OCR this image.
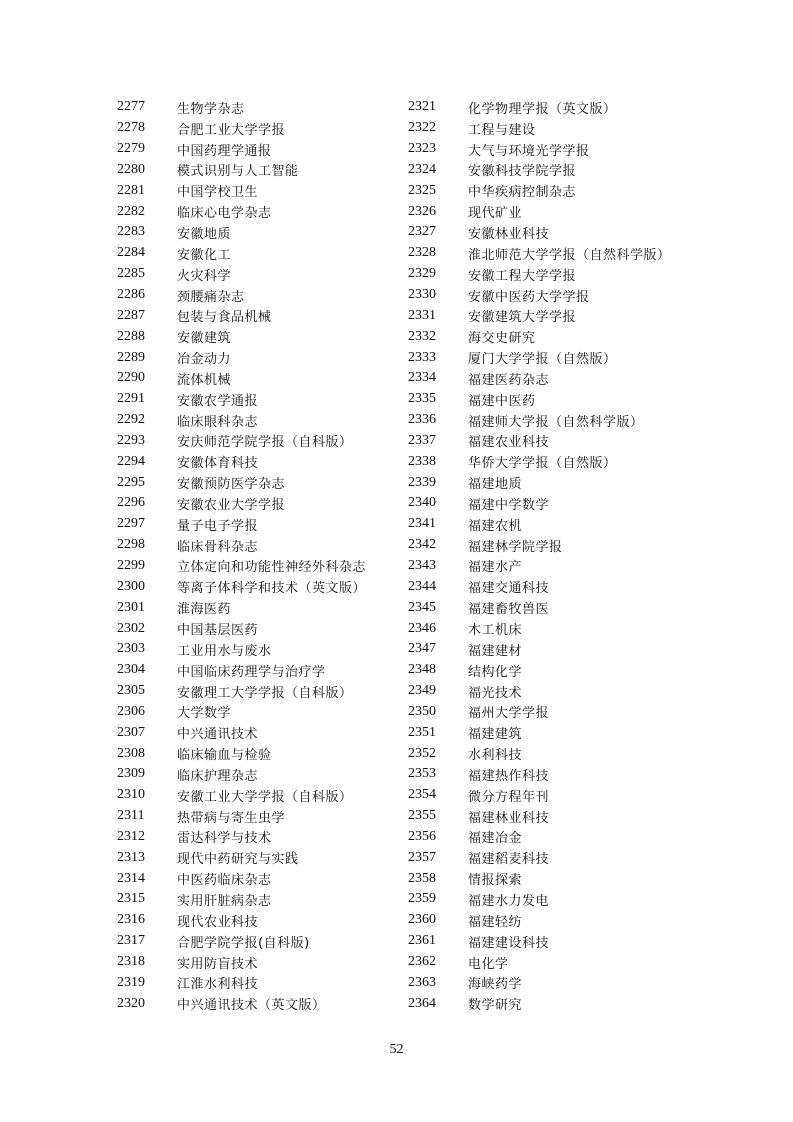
2277	生物学杂志
2278	合肥工业大学学报
2279	中国药理学通报
2280	模式识别与人工智能
2281	中国学校卫生
2282	临床心电学杂志
2283	安徽地质
2284	安徽化工
2285	火灾科学
2286	颈腰痛杂志
2287	包装与食品机械
2288	安徽建筑
2289	冶金动力
2290	流体机械
2291	安徽农学通报
2292	临床眼科杂志
2293	安庆师范学院学报（自科版）
2294	安徽体育科技
2295	安徽预防医学杂志
2296	安徽农业大学学报
2297	量子电子学报
2298	临床骨科杂志
2299	立体定向和功能性神经外科杂志
2300	等离子体科学和技术（英文版）
2301	淮海医药
2302	中国基层医药
2303	工业用水与废水
2304	中国临床药理学与治疗学
2305	安徽理工大学学报（自科版）
2306	大学数学
2307	中兴通讯技术
2308	临床输血与检验
2309	临床护理杂志
2310	安徽工业大学学报（自科版）
2311	热带病与寄生虫学
2312	雷达科学与技术
2313	现代中药研究与实践
2314	中医药临床杂志
2315	实用肝脏病杂志
2316	现代农业科技
2317	合肥学院学报(自科版)
2318	实用防盲技术
2319	江淮水利科技
2320	中兴通讯技术（英文版）
2321	化学物理学报（英文版）
2322	工程与建设
2323	大气与环境光学学报
2324	安徽科技学院学报
2325	中华疾病控制杂志
2326	现代矿业
2327	安徽林业科技
2328	淮北师范大学学报（自然科学版）
2329	安徽工程大学学报
2330	安徽中医药大学学报
2331	安徽建筑大学学报
2332	海交史研究
2333	厦门大学学报（自然版）
2334	福建医药杂志
2335	福建中医药
2336	福建师大学报（自然科学版）
2337	福建农业科技
2338	华侨大学学报（自然版）
2339	福建地质
2340	福建中学数学
2341	福建农机
2342	福建林学院学报
2343	福建水产
2344	福建交通科技
2345	福建畜牧兽医
2346	木工机床
2347	福建建材
2348	结构化学
2349	福光技术
2350	福州大学学报
2351	福建建筑
2352	水利科技
2353	福建热作科技
2354	微分方程年刊
2355	福建林业科技
2356	福建冶金
2357	福建稻麦科技
2358	情报探索
2359	福建水力发电
2360	福建轻纺
2361	福建建设科技
2362	电化学
2363	海峡药学
2364	数学研究
52
